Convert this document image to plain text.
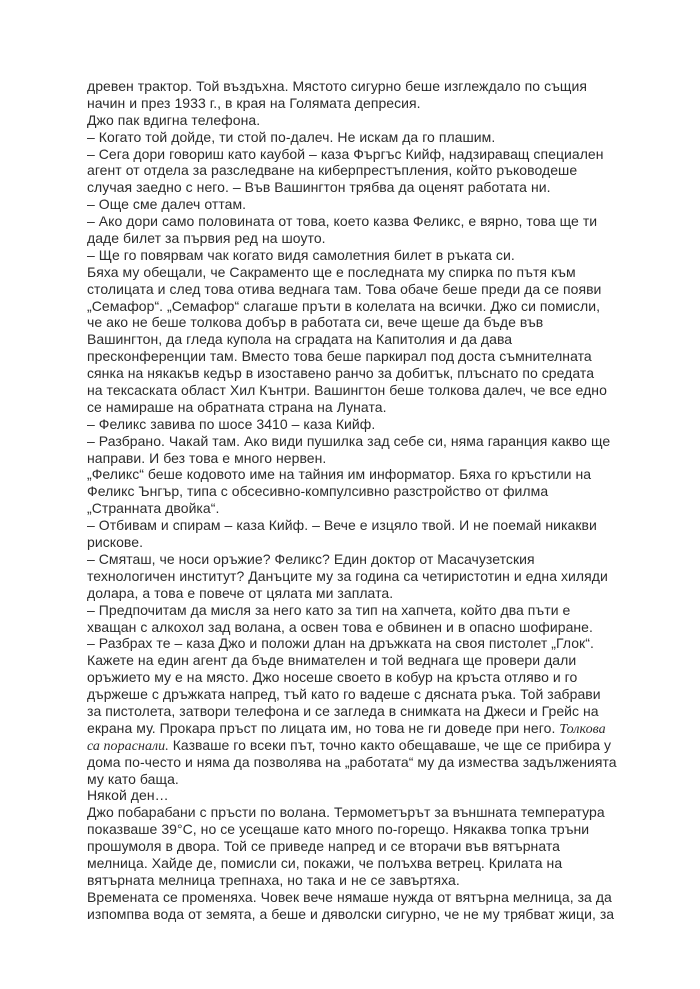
древен трактор. Той въздъхна. Мястото сигурно беше изглеждало по същия
начин и през 1933 г., в края на Голямата депресия.
Джо пак вдигна телефона.
– Когато той дойде, ти стой по-далеч. Не искам да го плашим.
– Сега дори говориш като каубой – каза Фъргъс Кийф, надзираващ специален
агент от отдела за разследване на киберпрестъпления, който ръководеше
случая заедно с него. – Във Вашингтон трябва да оценят работата ни.
– Още сме далеч оттам.
– Ако дори само половината от това, което казва Феликс, е вярно, това ще ти
даде билет за първия ред на шоуто.
– Ще го повярвам чак когато видя самолетния билет в ръката си.
Бяха му обещали, че Сакраменто ще е последната му спирка по пътя към
столицата и след това отива веднага там. Това обаче беше преди да се появи
„Семафор“. „Семафор“ слагаше пръти в колелата на всички. Джо си помисли,
че ако не беше толкова добър в работата си, вече щеше да бъде във
Вашингтон, да гледа купола на сградата на Капитолия и да дава
пресконференции там. Вместо това беше паркирал под доста съмнителната
сянка на някакъв кедър в изоставено ранчо за добитък, плъснато по средата
на тексаската област Хил Кънтри. Вашингтон беше толкова далеч, че все едно
се намираше на обратната страна на Луната.
– Феликс завива по шосе 3410 – каза Кийф.
– Разбрано. Чакай там. Ако види пушилка зад себе си, няма гаранция какво ще
направи. И без това е много нервен.
„Феликс“ беше кодовото име на тайния им информатор. Бяха го кръстили на
Феликс Ънгър, типа с обсесивно-компулсивно разстройство от филма
„Странната двойка“.
– Отбивам и спирам – каза Кийф. – Вече е изцяло твой. И не поемай никакви
рискове.
– Смяташ, че носи оръжие? Феликс? Един доктор от Масачузетския
технологичен институт? Данъците му за година са четиристотин и една хиляди
долара, а това е повече от цялата ми заплата.
– Предпочитам да мисля за него като за тип на хапчета, който два пъти е
хващан с алкохол зад волана, а освен това е обвинен и в опасно шофиране.
– Разбрах те – каза Джо и положи длан на дръжката на своя пистолет „Глок“.
Кажете на един агент да бъде внимателен и той веднага ще провери дали
оръжието му е на място. Джо носеше своето в кобур на кръста отляво и го
държеше с дръжката напред, тъй като го вадеше с дясната ръка. Той забрави
за пистолета, затвори телефона и се загледа в снимката на Джеси и Грейс на
екрана му. Прокара пръст по лицата им, но това не ги доведе при него. Толкова
са пораснали. Казваше го всеки път, точно както обещаваше, че ще се прибира у
дома по-често и няма да позволява на „работата“ му да измества задълженията
му като баща.
Някой ден…
Джо побарабани с пръсти по волана. Термометърът за външната температура
показваше 39°C, но се усещаше като много по-горещо. Някаква топка тръни
прошумоля в двора. Той се приведе напред и се вторачи във вятърната
мелница. Хайде де, помисли си, покажи, че полъхва ветрец. Крилата на
вятърната мелница трепнаха, но така и не се завъртяха.
Времената се променяха. Човек вече нямаше нужда от вятърна мелница, за да
изпомпва вода от земята, а беше и дяволски сигурно, че не му трябват жици, за
